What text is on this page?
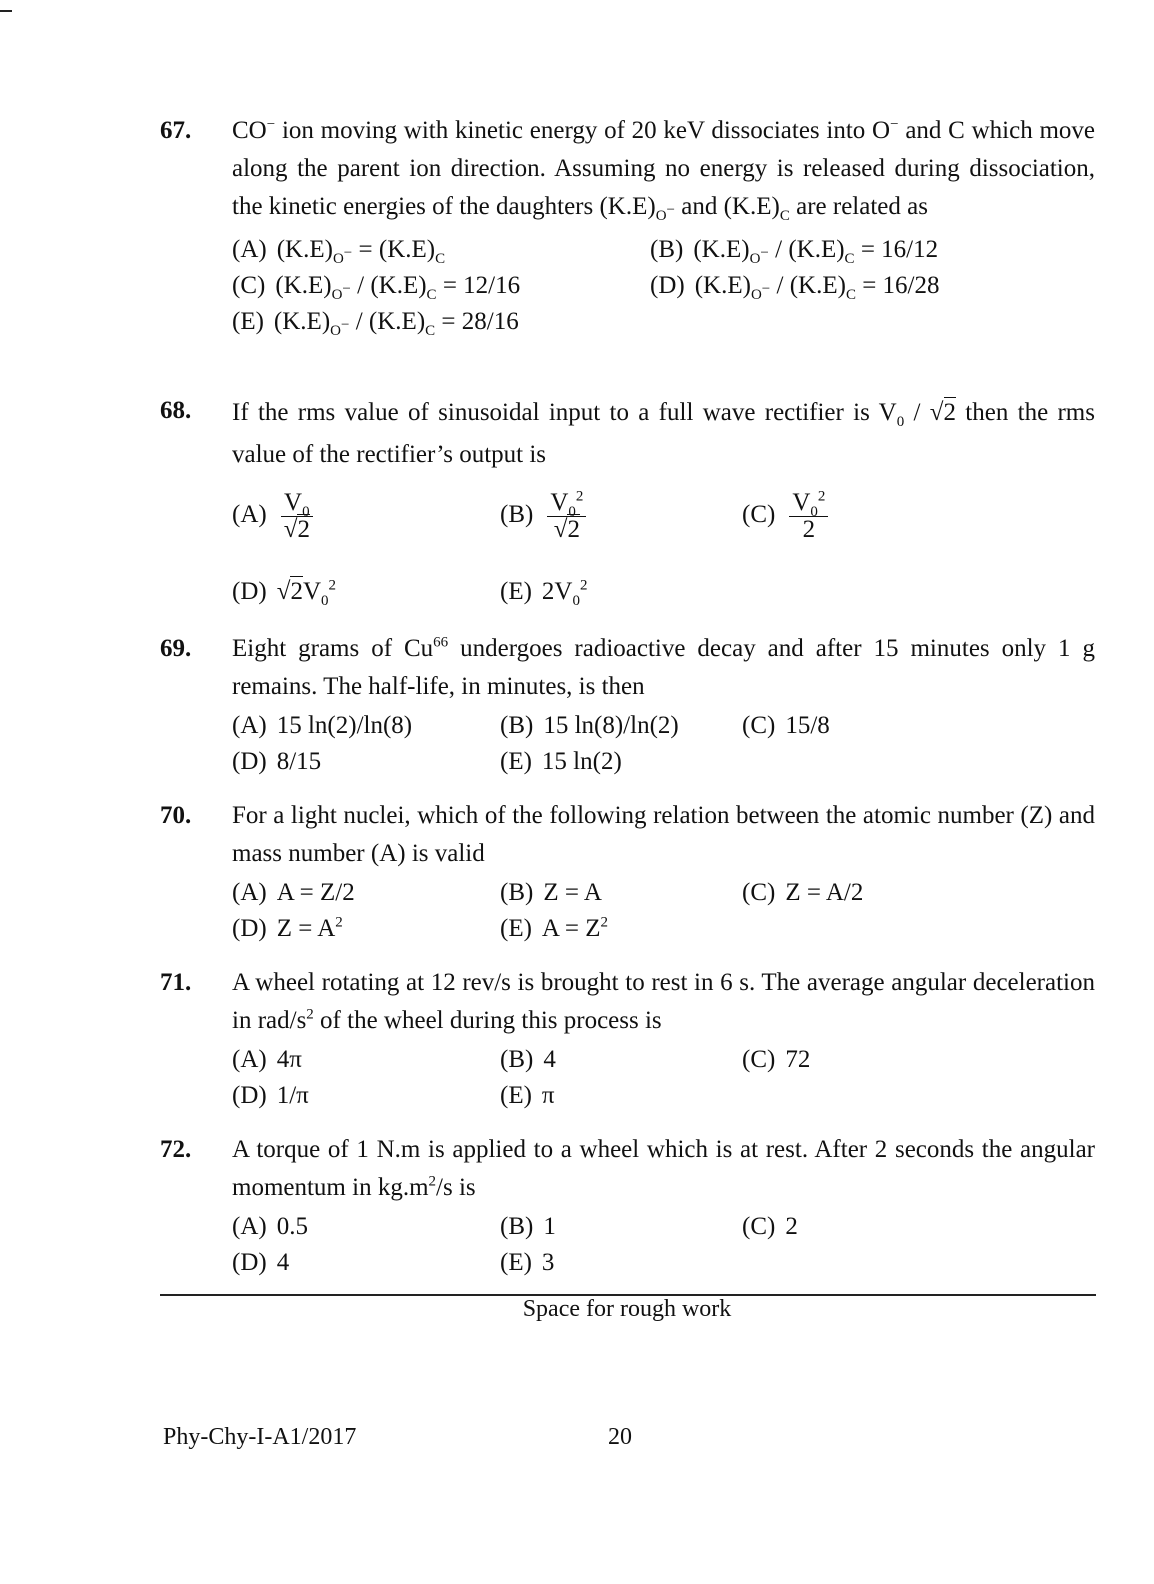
67. CO− ion moving with kinetic energy of 20 keV dissociates into O− and C which move along the parent ion direction. Assuming no energy is released during dissociation, the kinetic energies of the daughters $(K.E)_{O^-}$ and $(K.E)_C$ are related as
(A) $(K.E)_{O^-} = (K.E)_C$	(B) $(K.E)_{O^-} / (K.E)_C = 16/12$
(C) $(K.E)_{O^-} / (K.E)_C = 12/16$	(D) $(K.E)_{O^-} / (K.E)_C = 16/28$
(E) $(K.E)_{O^-} / (K.E)_C = 28/16$
68. If the rms value of sinusoidal input to a full wave rectifier is $V_0 / √2$ then the rms value of the rectifier’s output is
$(A) \frac{V_0}{√2}$	$(B) \frac{V_0^2}{√2}$	$(C) \frac{V_0^2}{2}$
(D) $√2V_0^2$	(E) $2V_0^2$
69. Eight grams of Cu$^{66}$ undergoes radioactive decay and after 15 minutes only 1 g remains. The half-life, in minutes, is then
(A) 15 ln(2)/ln(8)	(B) 15 ln(8)/ln(2)	(C) 15/8
(D) 8/15	(E) 15 ln(2)
70. For a light nuclei, which of the following relation between the atomic number (Z) and mass number (A) is valid
(A) A = Z/2	(B) Z = A	(C) Z = A/2
(D) $Z = A^2$	(E) $A = Z^2$
71. A wheel rotating at 12 rev/s is brought to rest in 6 s. The average angular deceleration in rad/$s^2$ of the wheel during this process is
(A) 4π	(B) 4	(C) 72
(D) 1/π	(E) π
72. A torque of 1 N.m is applied to a wheel which is at rest. After 2 seconds the angular momentum in $kg.m^2/s$ is
(A) 0.5	(B) 1	(C) 2
(D) 4	(E) 3
Space for rough work
Phy-Chy-I-A1/2017	20
